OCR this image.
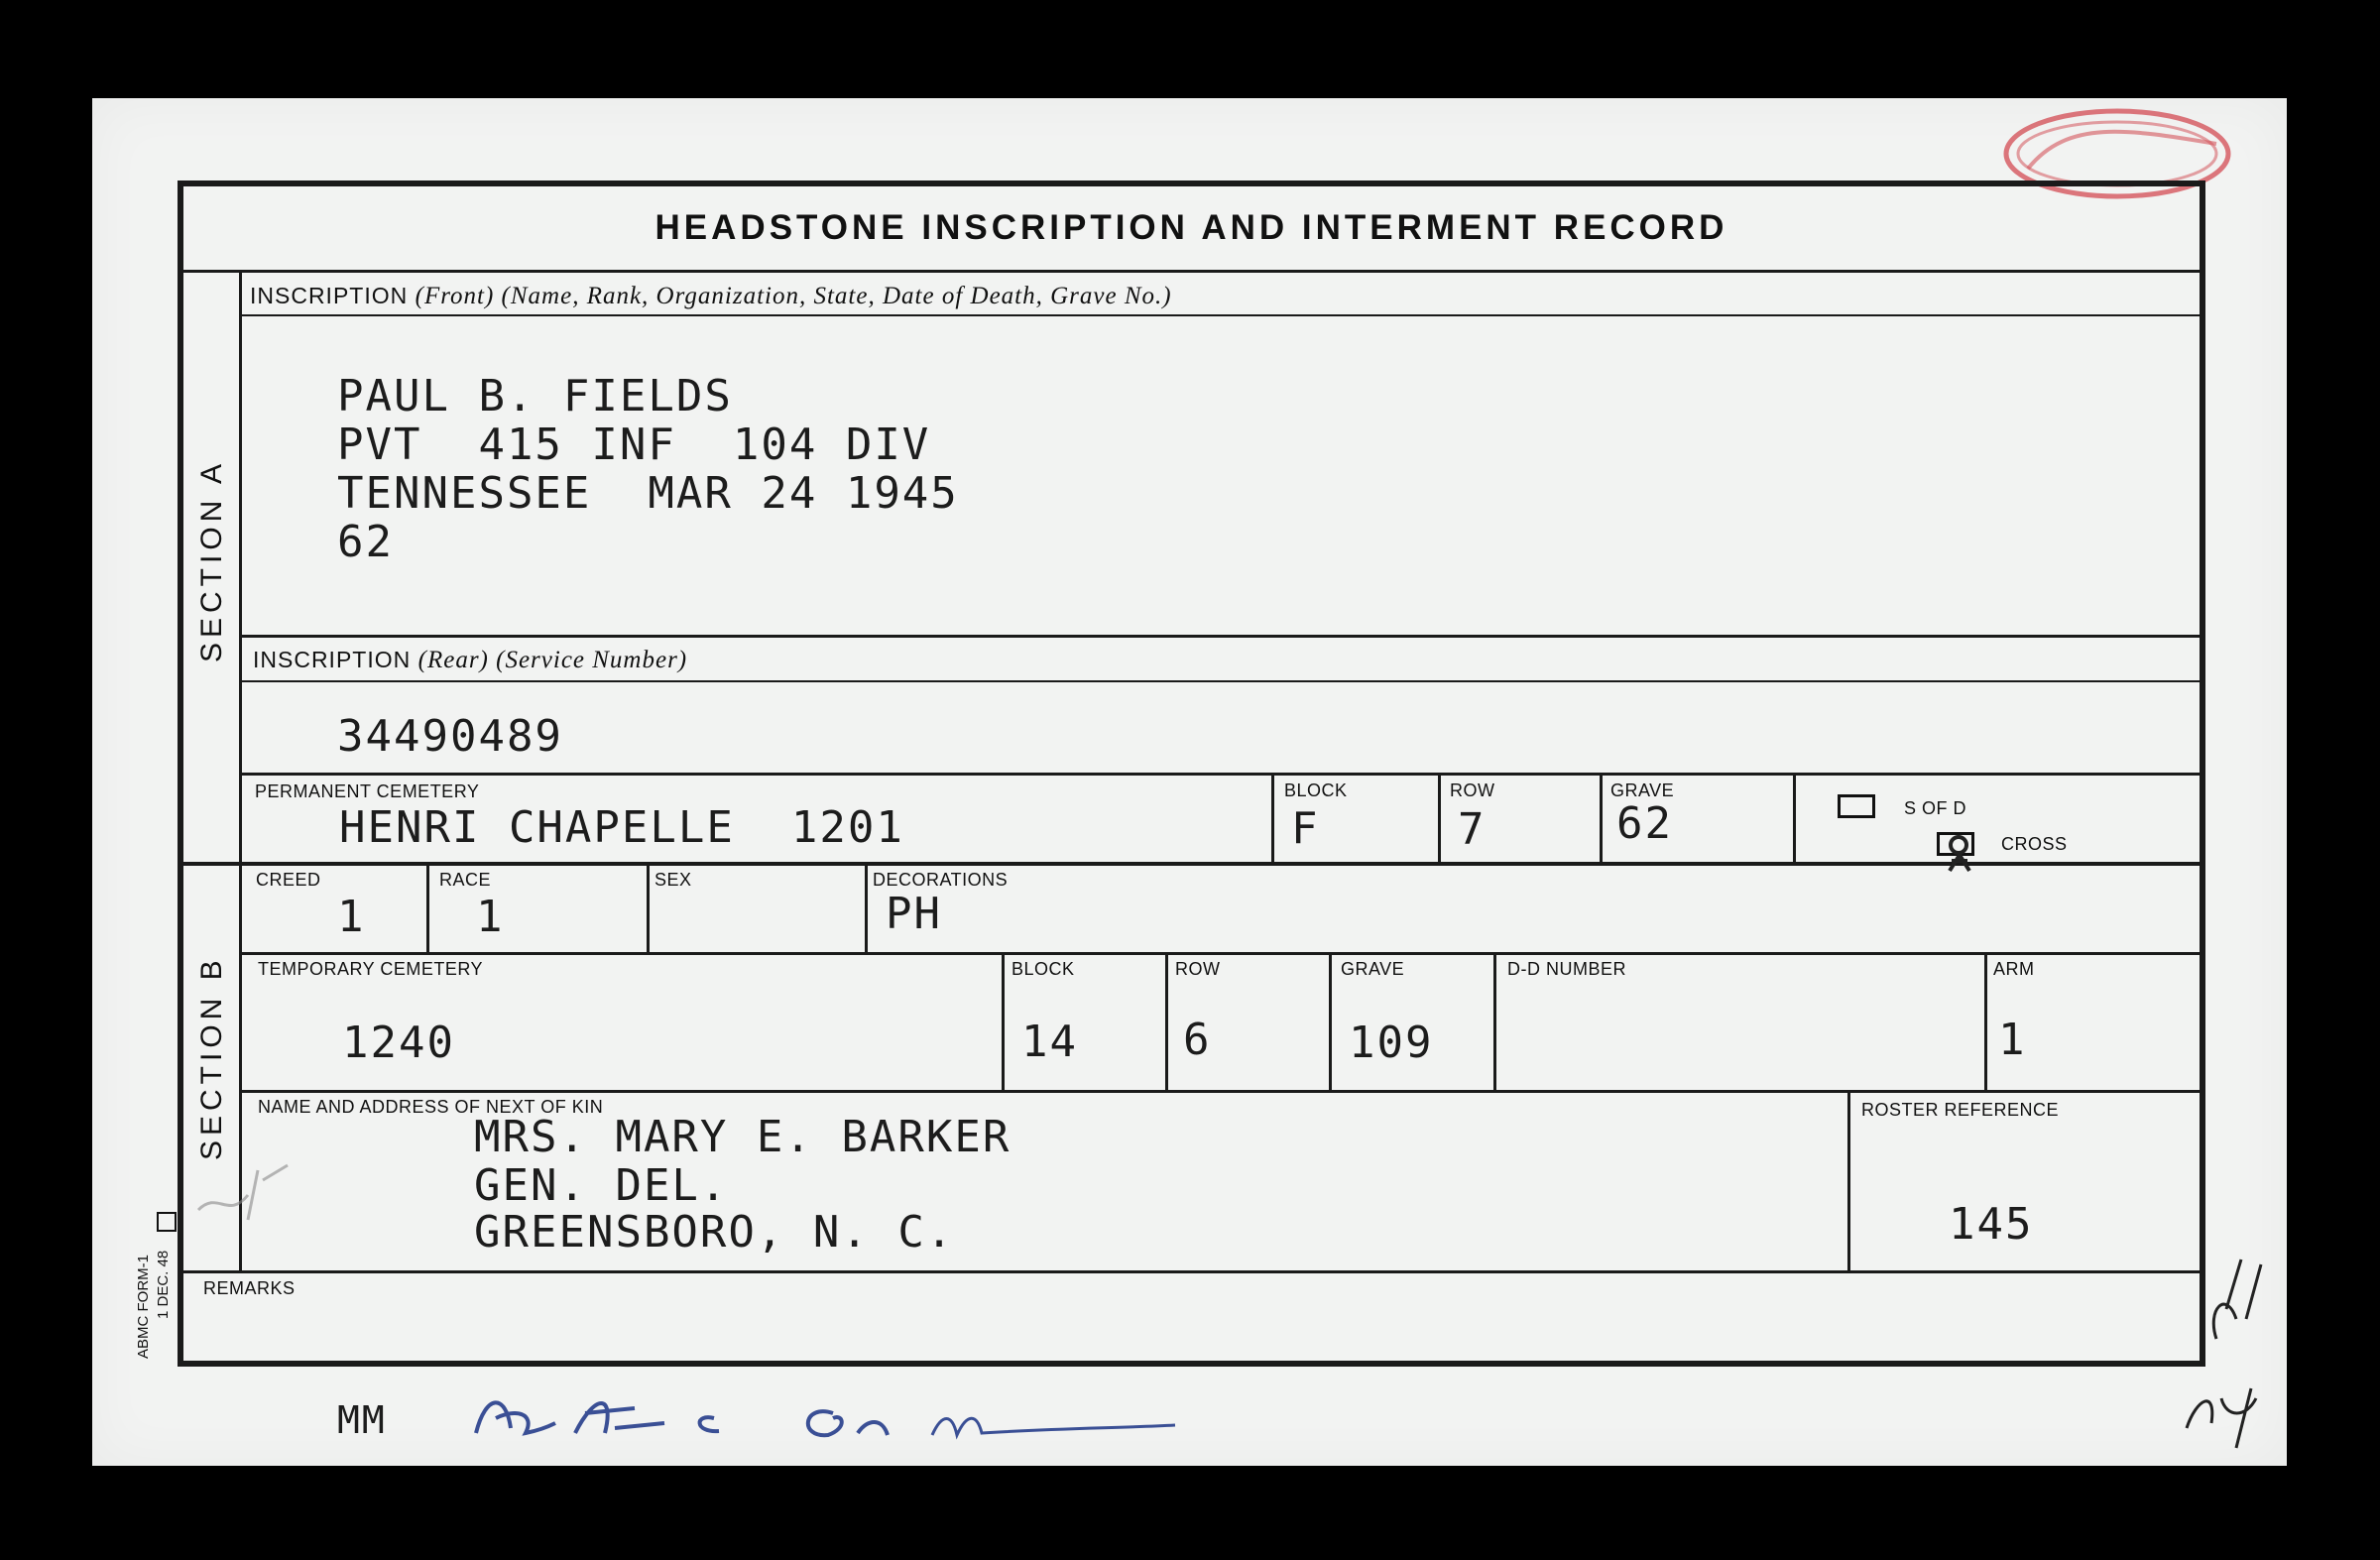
HEADSTONE INSCRIPTION AND INTERMENT RECORD
SECTION A
SECTION B
ABMC FORM-1 1 DEC. 48
INSCRIPTION (Front) (Name, Rank, Organization, State, Date of Death, Grave No.)
PAUL B. FIELDS
PVT  415 INF  104 DIV
TENNESSEE  MAR 24 1945
62
INSCRIPTION (Rear) (Service Number)
34490489
PERMANENT CEMETERY
HENRI CHAPELLE  1201
BLOCK
F
ROW
7
GRAVE
62	S OF D
CROSS
CREED
1
RACE
1
SEX	DECORATIONS
PH
TEMPORARY CEMETERY
1240
BLOCK
14
ROW
6
GRAVE
109
D-D NUMBER	ARM
1
NAME AND ADDRESS OF NEXT OF KIN
MRS. MARY E. BARKER
GEN. DEL.
GREENSBORO, N. C.
ROSTER REFERENCE
145
REMARKS
MM
